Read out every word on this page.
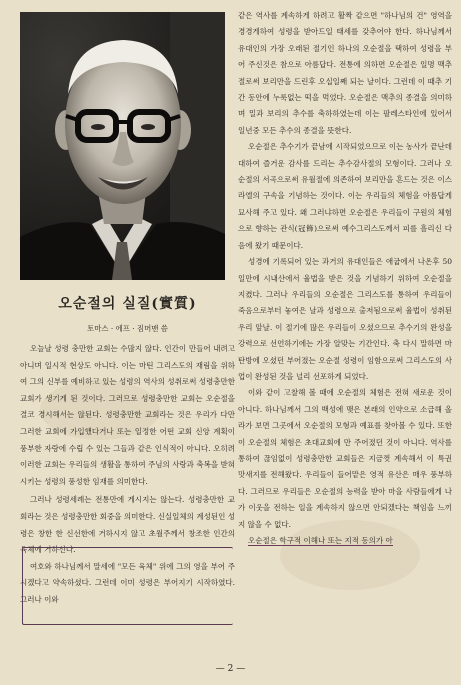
오순절의 실질(實質)
토마스 · 에프 · 짐머맨 씀

오늘날 성령 충만한 교회는 수많지 않다. 인간이 만들어 내려고 아니며 일시적 현상도 아니다. 이는 마틴 그리스도의 재림을 위하여 그의 신부를 예비하고 있는 성령의 역사의 성취로써 성령충만한 교회가 생기게 된 것이다. 그러므로 성령충만한 교회는 오순절을 결코 경시해서는 않된다. 성령충만한 교회라는 것은 우리가 다만 그러한 교회에 가입했다거나 또는 일정한 어떤 교회 신앙 계획이 풍부한 자랑에 수립 수 있는 그들과 같은 인식적이 아니다. 오히려 이러한 교회는 우리들의 생활을 통하여 주님의 사랑과 축복을 받혀시키는 성령의 풍성한 임재를 의미한다.

그러나 성령세례는 전통만에 게시지는 않는다. 성령충만한 교회라는 것은 성령충만한 회중을 의미한다. 신실일체의 계성된인 성령은 창한 한 신선한에 거하시지 않고 초월주께서 창조한 인간의 육체에 거하신다.

여호와 하나님께서 말세에 "모든 육체" 위에 그의 영을 부어 주시겠다고 약속하셨다. 그런데 이미 성령은 부어지기 시작하였다. 그러나 이와

같은 역사를 계속하게 하려고 활짝 같으면 "하나님의 건" 영역을 경경게하여 성령을 받아드일 태세를 갖추어야 한다. 하나님께서 유대인의 가장 오래된 절기인 하나의 오순절을 택하여 성령을 부어 주신것은 참으로 아름답다. 전통에 의하면 오순절은 일명 맥추절로써 보리만을 드린후 오십일째 되는 날이다. 그런데 이 때추 기간 동안에 누룩없는 떡을 먹었다. 오순절은 맥추의 종결을 의미하며 밀과 보리의 추수를 축하하였는데 이는 팔레스타인에 있어서 일년중 모든 추수의 종결을 뜻한다.

오순절은 추수기가 끝남에 시작되었으므로 이는 농사가 끝난데 대하여 즐거운 감사를 드리는 추수감사절의 모형이다. 그러나 오순절의 서곡으로써 유월절에 의존하여 보리만을 흔드는 것은 이스라엘의 구속을 기념하는 것이다. 이는 우리들의 체험을 아름답게 묘사해 주고 있다. 왜 그러냐하면 오순절은 우리들이 구원의 체험으로 향하는 관식(冠飾)으로써 예수그리스도께서 피를 흘리신 다음에 왔기 때문이다.

성경에 기록되어 있는 과거의 유대인들은 애굽에서 나온후 50일만에 시내산에서 율법을 받은 것을 기념하기 위하여 오순절을 지켰다. 그러나 우리들의 오순절은 그리스도를 통하여 우리들이 죽음으로부터 놓여은 날과 성령으로 출저됨으로써 율법이 성취된 우리 앞날. 이 절기에 많은 우리들이 오셨으므로 추수기의 완성을 강력으로 선언하기에는 가장 알맞는 기간인다. 축 다시 말하면 마탄방에 오셨던 부어졌는 오순절 성령이 임함으로써 그리스도의 사업이 완성된 것을 널리 선포하게 되었다.

이와 같이 고찰해 볼 때에 오순절의 체험은 전혀 새로운 것이 아니다. 하나님께서 그의 백성에 맺은 본래의 인약으로 소급해 올라가 보면 그곳에서 오순절의 모형과 예표를 찾아볼 수 있다. 또한 이 오순절의 체험은 초대교회에 만 주어졌던 것이 아니다. 역사를 통하여 끊임없이 성령충만한 교회들은 지금껏 계속해서 이 특권 맛새지를 전해왔다. 우리들이 들어맡은 영적 유산은 매우 풍부하다. 그러므로 우리들은 오순절의 능력을 받아 마을 사람들에게 나가 이웃을 전하는 일을 계속하지 않으면 안되겠다는 책임을 느끼지 않을 수 없다.

오순절은 학구적 이해나 또는 지적 동의가 아

— 2 —
